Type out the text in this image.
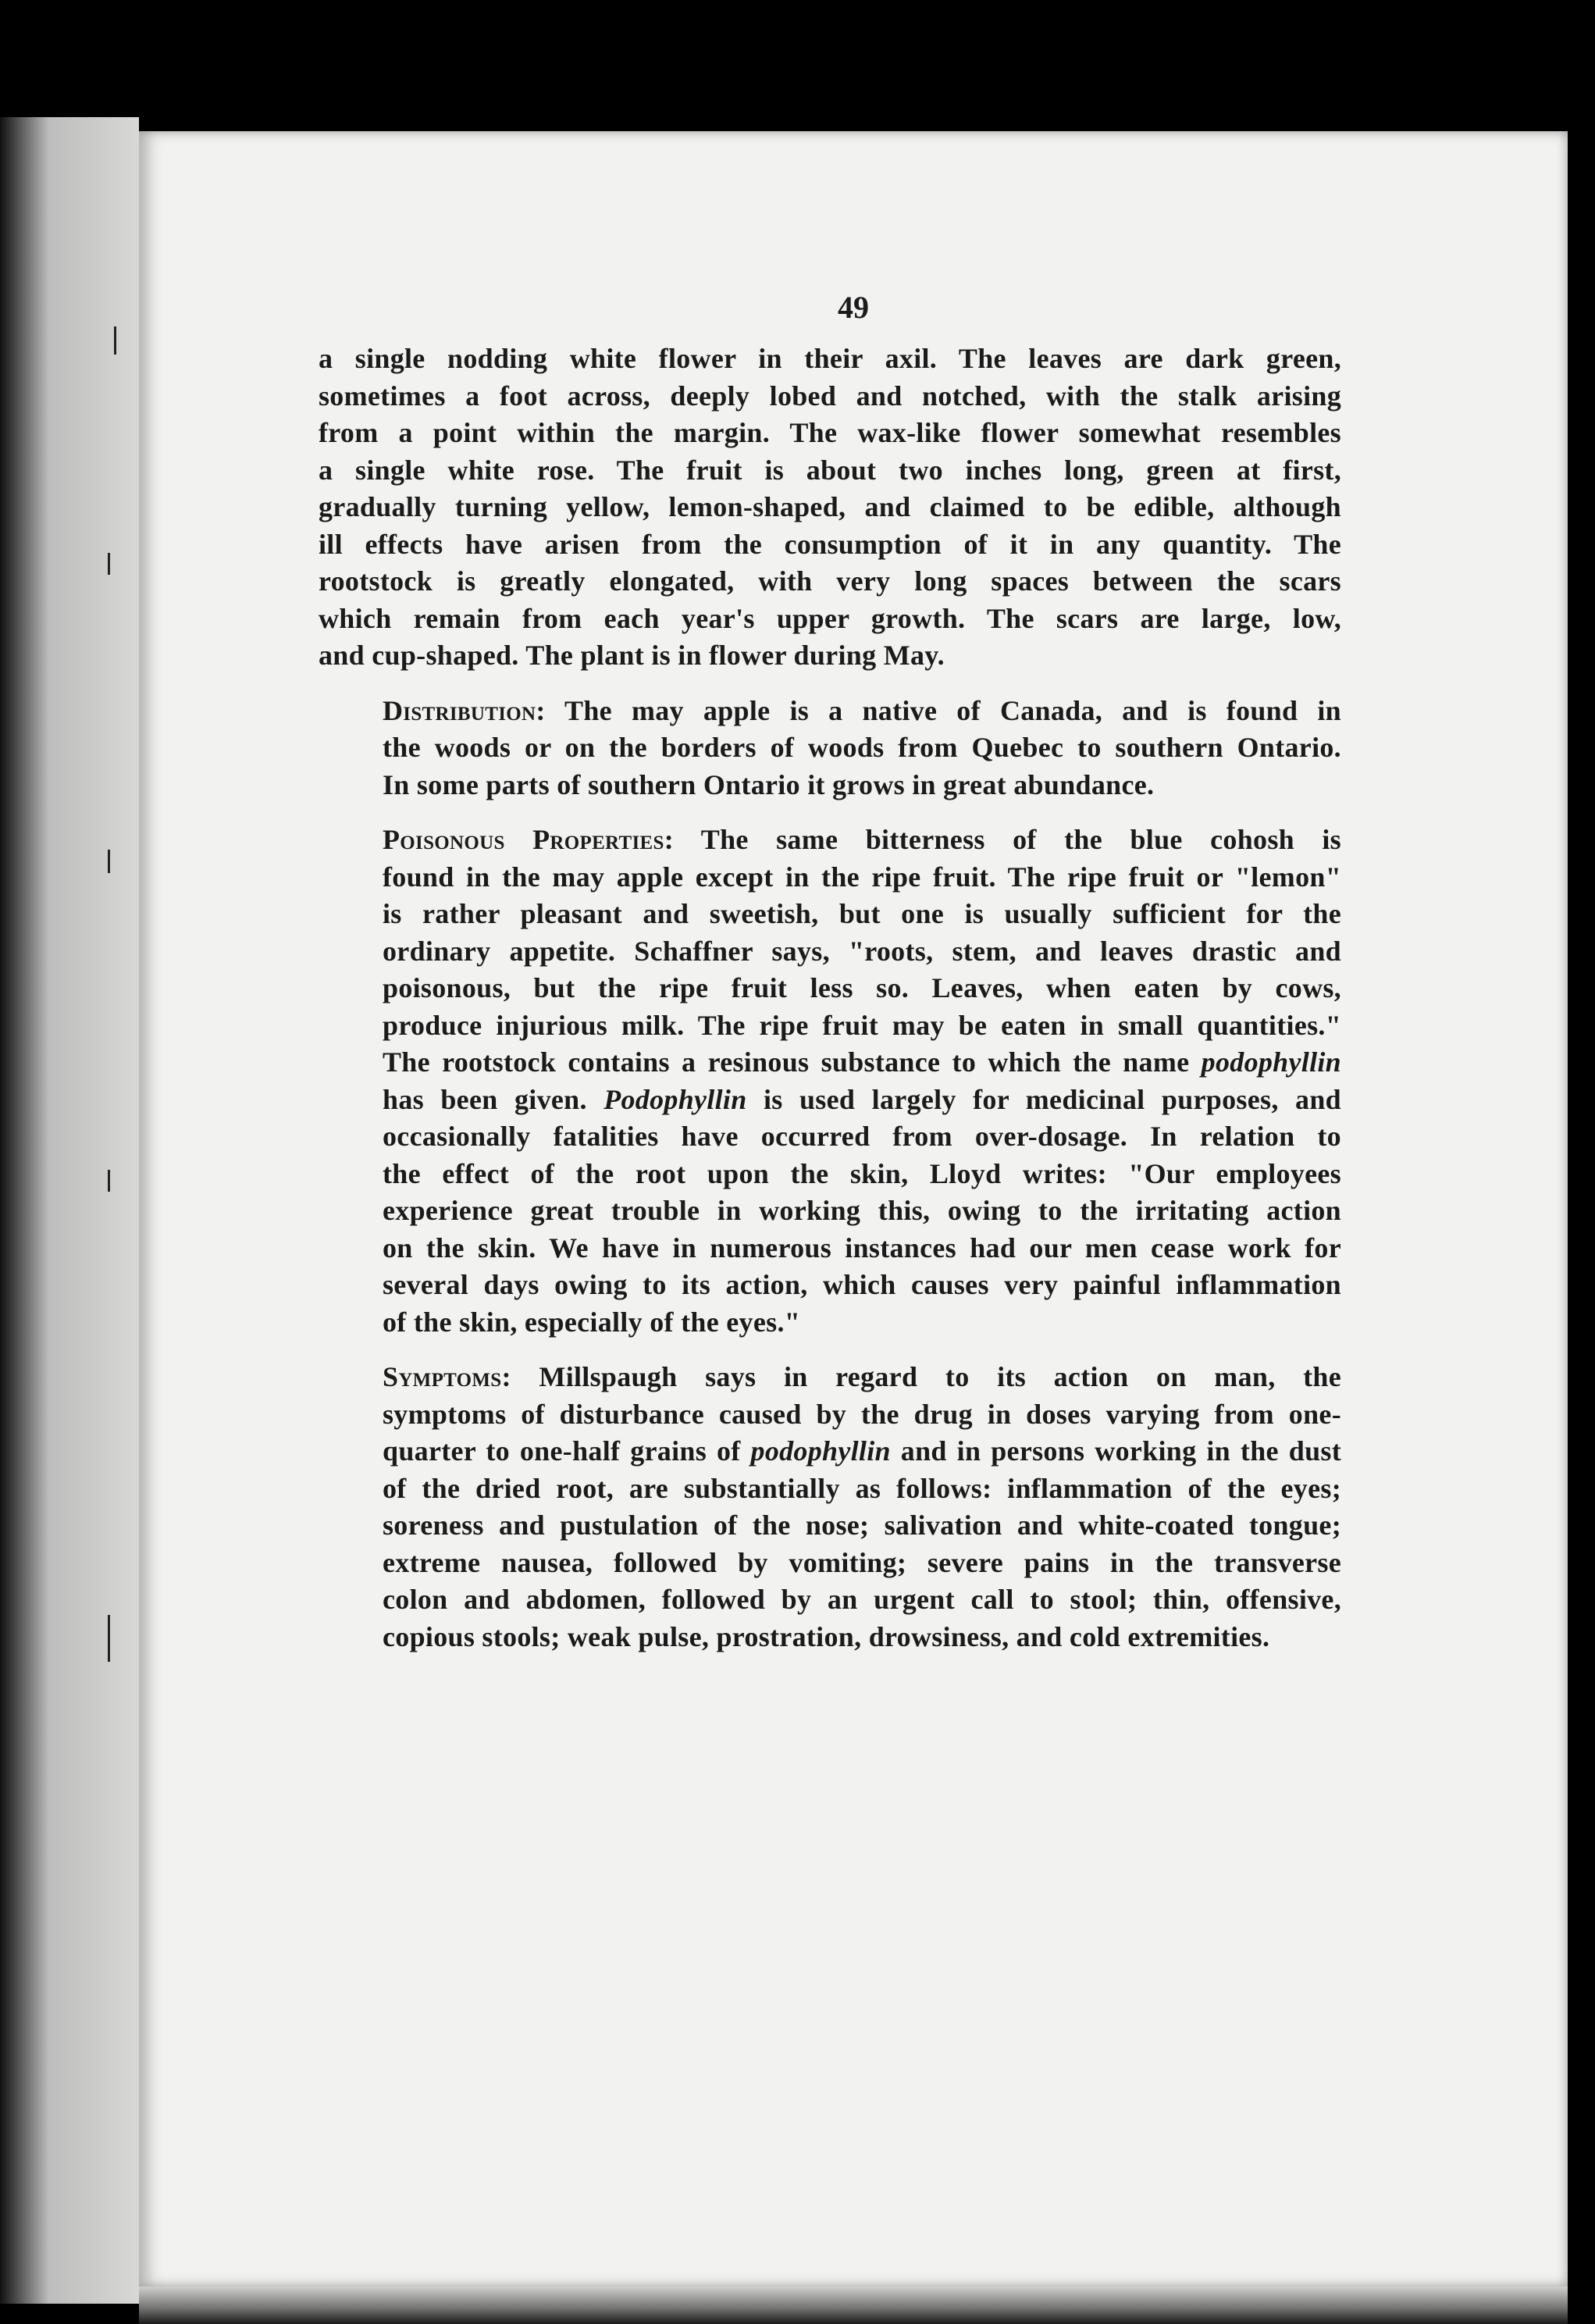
49
a single nodding white flower in their axil. The leaves are dark green,
sometimes a foot across, deeply lobed and notched, with the stalk arising
from a point within the margin. The wax-like flower somewhat resembles
a single white rose. The fruit is about two inches long, green at first,
gradually turning yellow, lemon-shaped, and claimed to be edible, although
ill effects have arisen from the consumption of it in any quantity. The
rootstock is greatly elongated, with very long spaces between the scars
which remain from each year's upper growth. The scars are large, low,
and cup-shaped. The plant is in flower during May.
Distribution: The may apple is a native of Canada, and is found in
the woods or on the borders of woods from Quebec to southern Ontario.
In some parts of southern Ontario it grows in great abundance.
Poisonous Properties: The same bitterness of the blue cohosh is
found in the may apple except in the ripe fruit. The ripe fruit or "lemon"
is rather pleasant and sweetish, but one is usually sufficient for the
ordinary appetite. Schaffner says, "roots, stem, and leaves drastic and
poisonous, but the ripe fruit less so. Leaves, when eaten by cows,
produce injurious milk. The ripe fruit may be eaten in small quantities."
The rootstock contains a resinous substance to which the name podophyllin
has been given. Podophyllin is used largely for medicinal purposes, and
occasionally fatalities have occurred from over-dosage. In relation to
the effect of the root upon the skin, Lloyd writes: "Our employees
experience great trouble in working this, owing to the irritating action
on the skin. We have in numerous instances had our men cease work for
several days owing to its action, which causes very painful inflammation
of the skin, especially of the eyes."
Symptoms: Millspaugh says in regard to its action on man, the
symptoms of disturbance caused by the drug in doses varying from one-
quarter to one-half grains of podophyllin and in persons working in the dust
of the dried root, are substantially as follows: inflammation of the eyes;
soreness and pustulation of the nose; salivation and white-coated tongue;
extreme nausea, followed by vomiting; severe pains in the transverse
colon and abdomen, followed by an urgent call to stool; thin, offensive,
copious stools; weak pulse, prostration, drowsiness, and cold extremities.
